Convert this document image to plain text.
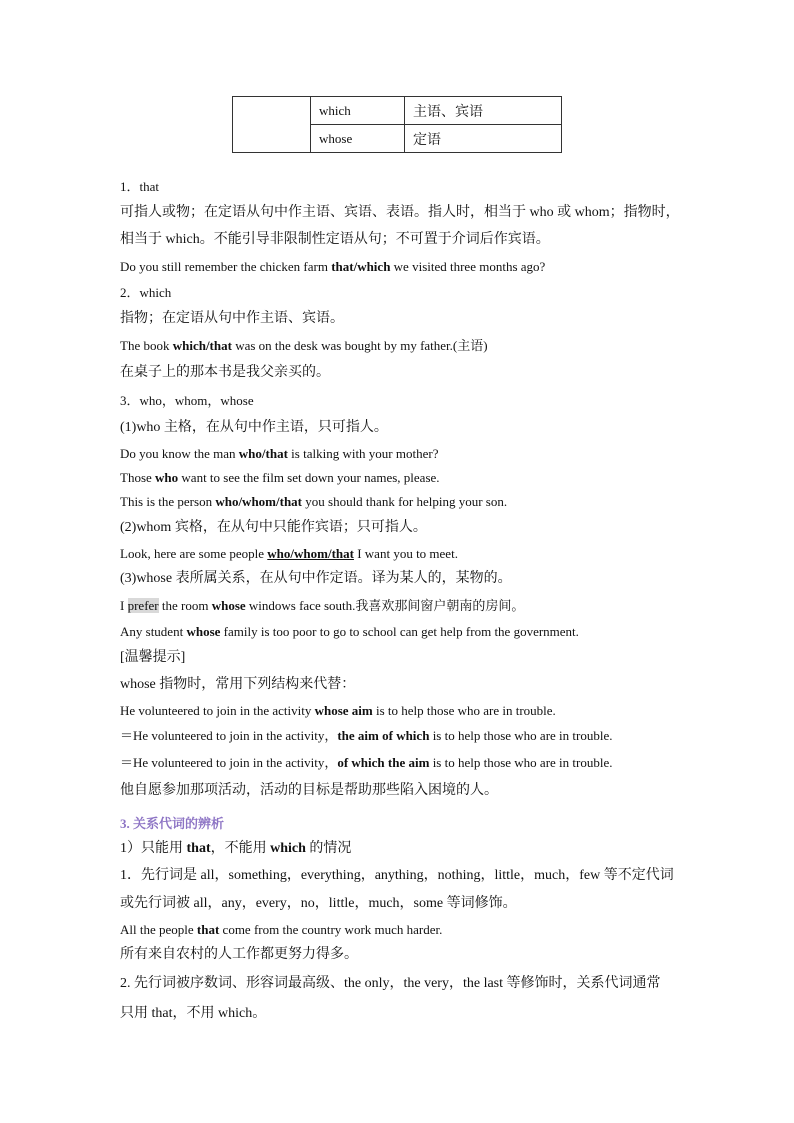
	which	主语、宾语
	whose	定语
1．that
可指人或物；在定语从句中作主语、宾语、表语。指人时，相当于 who 或 whom；指物时，
相当于 which。不能引导非限制性定语从句；不可置于介词后作宾语。
Do you still remember the chicken farm that/which we visited three months ago?
2．which
指物；在定语从句中作主语、宾语。
The book which/that was on the desk was bought by my father.(主语)
在桌子上的那本书是我父亲买的。
3．who，whom，whose
(1)who 主格，在从句中作主语，只可指人。
Do you know the man who/that is talking with your mother?
Those who want to see the film set down your names, please.
This is the person who/whom/that you should thank for helping your son.
(2)whom 宾格，在从句中只能作宾语；只可指人。
Look, here are some people who/whom/that I want you to meet.
(3)whose 表所属关系，在从句中作定语。译为某人的，某物的。
I prefer the room whose windows face south.我喜欢那间窗户朝南的房间。
Any student whose family is too poor to go to school can get help from the government.
[温馨提示]
whose 指物时，常用下列结构来代替：
He volunteered to join in the activity whose aim is to help those who are in trouble.
＝He volunteered to join in the activity，the aim of which is to help those who are in trouble.
＝He volunteered to join in the activity，of which the aim is to help those who are in trouble.
他自愿参加那项活动，活动的目标是帮助那些陷入困境的人。
3. 关系代词的辨析
1）只能用 that，不能用 which 的情况
1．先行词是 all，something，everything，anything，nothing，little，much，few 等不定代词
或先行词被 all，any，every，no，little，much，some 等词修饰。
All the people that come from the country work much harder.
所有来自农村的人工作都更努力得多。
2. 先行词被序数词、形容词最高级、the only，the very，the last 等修饰时，关系代词通常
只用 that，不用 which。
